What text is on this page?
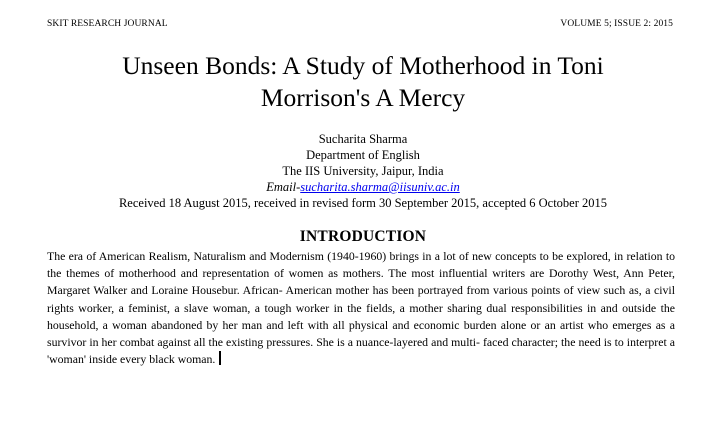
SKIT RESEARCH JOURNAL	VOLUME 5; ISSUE 2: 2015
Unseen Bonds: A Study of Motherhood in Toni
Morrison's A Mercy
Sucharita Sharma
Department of English
The IIS University, Jaipur, India
Email-sucharita.sharma@iisuniv.ac.in
Received 18 August 2015, received in revised form 30 September 2015, accepted 6 October 2015
INTRODUCTION
The era of American Realism, Naturalism and Modernism (1940-1960) brings in a lot of new concepts to be explored, in relation to the themes of motherhood and representation of women as mothers. The most influential writers are Dorothy West, Ann Peter, Margaret Walker and Loraine Housebur. African- American mother has been portrayed from various points of view such as, a civil rights worker, a feminist, a slave woman, a tough worker in the fields, a mother sharing dual responsibilities in and outside the household, a woman abandoned by her man and left with all physical and economic burden alone or an artist who emerges as a survivor in her combat against all the existing pressures. She is a nuance-layered and multi- faced character; the need is to interpret a 'woman' inside every black woman.
